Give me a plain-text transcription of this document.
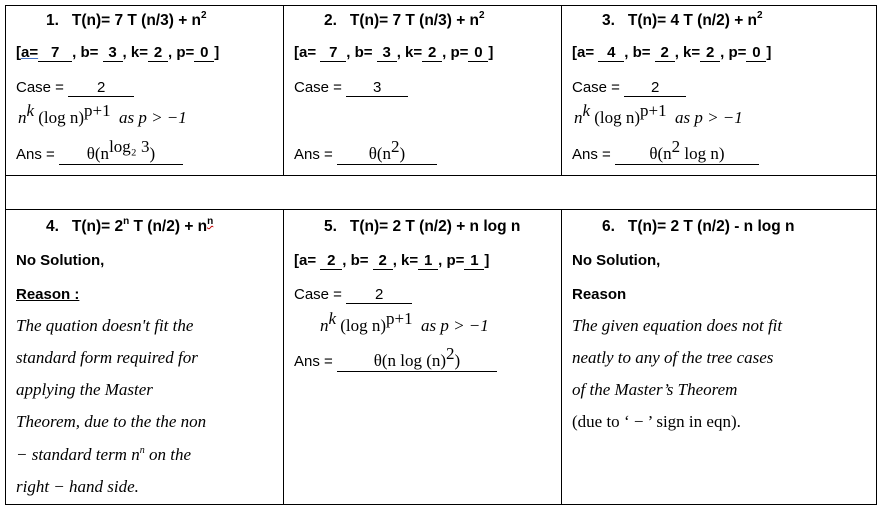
1. T(n)= 7 T $(n/3) + n^2$
[a= 7 , b= 3 , k= 2 , p= 0 ]
Case = 2
$n^k$ (log n)$^{p+1}$ as p > −1
Ans = $\theta(n^{log_2 3})$
2. T(n)= 7 T $(n/3) + n^2$
[a= 7 , b= 3 , k= 2 , p= 0 ]
Case = 3
Ans = $\theta(n^2)$
3. T(n)= 4 T $(n/2) + n^2$
[a= 4 , b= 2 , k= 2 , p= 0 ]
Case = 2
$n^k$ (log n)$^{p+1}$ as p > −1
Ans = $\theta(n^2$ log n)
4. $T(n)= 2^n$ T $(n/2) + n^n$
No Solution,
Reason :
The quation doesn't fit the
standard form required for
applying the Master
Theorem, due to the the non
− standard term $n^n$ on the
right − hand side.
5. T(n)= 2 T (n/2) + n log n
[a= 2 , b= 2 , k= 1 , p= 1 ]
Case = 2
$n^k$ (log n)$^{p+1}$ as p > −1
Ans = θ(n $\log (n)^2$)
6. T(n)= 2 T (n/2) - n log n
No Solution,
Reason
The given equation does not fit
neatly to any of the tree cases
of the Master’s Theorem
(due to ‘ − ’ sign in eqn).
